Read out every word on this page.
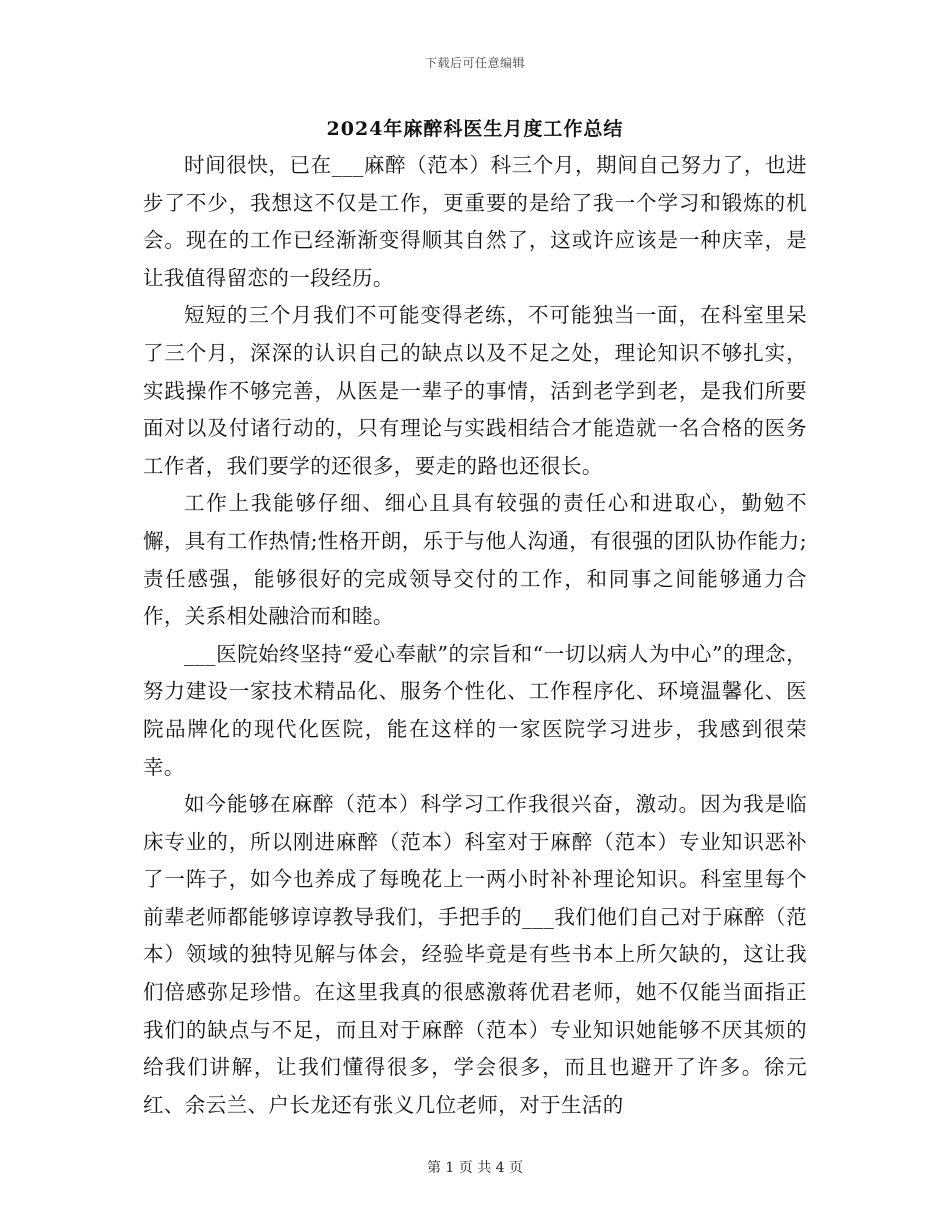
下载后可任意编辑
2024年麻醉科医生月度工作总结

时间很快，已在___麻醉（范本）科三个月，期间自己努力了，也进步了不少，我想这不仅是工作，更重要的是给了我一个学习和锻炼的机会。现在的工作已经渐渐变得顺其自然了，这或许应该是一种庆幸，是让我值得留恋的一段经历。

短短的三个月我们不可能变得老练，不可能独当一面，在科室里呆了三个月，深深的认识自己的缺点以及不足之处，理论知识不够扎实，实践操作不够完善，从医是一辈子的事情，活到老学到老，是我们所要面对以及付诸行动的，只有理论与实践相结合才能造就一名合格的医务工作者，我们要学的还很多，要走的路也还很长。

工作上我能够仔细、细心且具有较强的责任心和进取心，勤勉不懈，具有工作热情;性格开朗，乐于与他人沟通，有很强的团队协作能力;责任感强，能够很好的完成领导交付的工作，和同事之间能够通力合作，关系相处融洽而和睦。

___医院始终坚持“爱心奉献”的宗旨和“一切以病人为中心”的理念，努力建设一家技术精品化、服务个性化、工作程序化、环境温馨化、医院品牌化的现代化医院，能在这样的一家医院学习进步，我感到很荣幸。

如今能够在麻醉（范本）科学习工作我很兴奋，激动。因为我是临床专业的，所以刚进麻醉（范本）科室对于麻醉（范本）专业知识恶补了一阵子，如今也养成了每晚花上一两小时补补理论知识。科室里每个前辈老师都能够谆谆教导我们，手把手的___我们他们自己对于麻醉（范本）领域的独特见解与体会，经验毕竟是有些书本上所欠缺的，这让我们倍感弥足珍惜。在这里我真的很感激蒋优君老师，她不仅能当面指正我们的缺点与不足，而且对于麻醉（范本）专业知识她能够不厌其烦的给我们讲解，让我们懂得很多，学会很多，而且也避开了许多。徐元红、余云兰、户长龙还有张义几位老师，对于生活的

第 1 页 共 4 页
